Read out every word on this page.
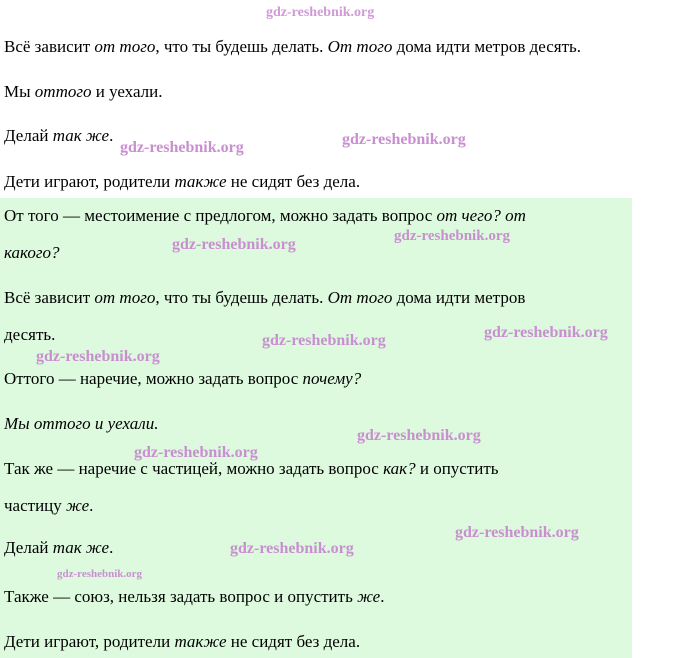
Всё зависит от того, что ты будешь делать. От того дома идти метров десять.
Мы оттого и уехали.
Делай так же.
Дети играют, родители также не сидят без дела.
От того — местоимение с предлогом, можно задать вопрос от чего? от
какого?
Всё зависит от того, что ты будешь делать. От того дома идти метров
десять.
Оттого — наречие, можно задать вопрос почему?
Мы оттого и уехали.
Так же — наречие с частицей, можно задать вопрос как? и опустить
частицу же.
Делай так же.
Также — союз, нельзя задать вопрос и опустить же.
Дети играют, родители также не сидят без дела.
gdz-reshebnik.org
gdz-reshebnik.org	gdz-reshebnik.org
gdz-reshebnik.org	gdz-reshebnik.org
gdz-reshebnik.org	gdz-reshebnik.org
gdz-reshebnik.org
gdz-reshebnik.org
gdz-reshebnik.org
gdz-reshebnik.org
gdz-reshebnik.org
gdz-reshebnik.org
